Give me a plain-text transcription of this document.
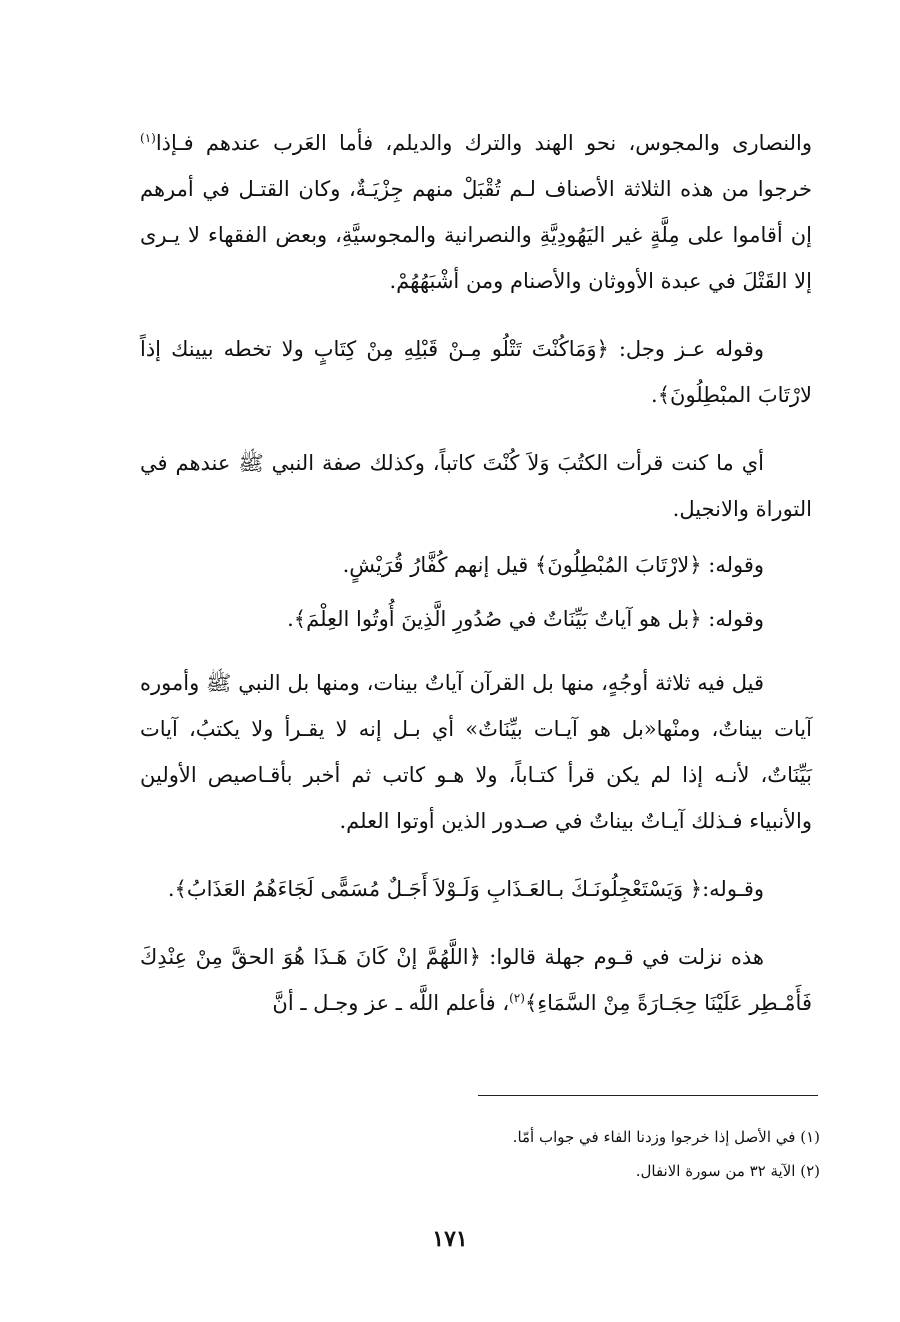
والنصارى والمجوس، نحو الهند والترك والديلم، فأما العَرب عندهم فـإذا$^{(١)}$ خرجوا من هذه الثلاثة الأصناف لـم تُقْبَلْ منهم جِزْيَـةٌ، وكان القتـل في أمرهم إن أقاموا على مِلَّةٍ غير اليَهُودِيَّةِ والنصرانية والمجوسيَّةِ، وبعض الفقهاء لا يـرى إلا القَتْلَ في عبدة الأووثان والأصنام ومن أشْبَهُهُمْ.

وقوله عـز وجل: ﴿وَمَاكُنْتَ تَتْلُو مِـنْ قَبْلِهِ مِنْ كِتَابٍ ولا تخطه بيينك إذاً لارْتَابَ المبْطِلُونَ﴾.

أي ما كنت قرأت الكتُبَ وَلاَ كُنْتَ كاتباً، وكذلك صفة النبي ﷺ عندهم في التوراة والانجيل.

وقوله: ﴿لارْتَابَ المُبْطِلُونَ﴾ قيل إنهم كُفَّارُ قُرَيْشٍ.

وقوله: ﴿بل هو آياتٌ بَيِّنَاتٌ في صُدُورِ الَّذِينَ أُوتُوا العِلْمَ﴾.

قيل فيه ثلاثة أوجُهٍ، منها بل القرآن آياتٌ بينات، ومنها بل النبي ﷺ وأموره آيات بيناتٌ، ومنْها«بل هو آيـات بيِّنَاتٌ» أي بـل إنه لا يقـرأ ولا يكتبُ، آيات بَيِّنَاتٌ، لأنـه إذا لم يكن قرأ كتـاباً، ولا هـو كاتب ثم أخبر بأقـاصيص الأولين والأنبياء فـذلك آيـاتٌ بيناتٌ في صـدور الذين أوتوا العلم.

وقـوله:﴿ وَيَسْتَعْجِلُونَـكَ بـالعَـذَابِ وَلَـوْلاَ أَجَـلٌ مُسَمًّى لَجَاءَهُمُ العَذَابُ﴾.

هذه نزلت في قـوم جهلة قالوا: ﴿اللَّهُمَّ إنْ كَانَ هَـذَا هُوَ الحقَّ مِنْ عِنْدِكَ فَأَمْـطِر عَلَيْنَا حِجَـارَةً مِنْ السَّمَاءِ﴾$^{(٢)}$، فأعلم اللَّه ـ عز وجـل ـ أنَّ

(١) في الأصل إذا خرجوا وزدنا الفاء في جواب أمّا.

(٢) الآية ٣٢ من سورة الانفال.

١٧١
